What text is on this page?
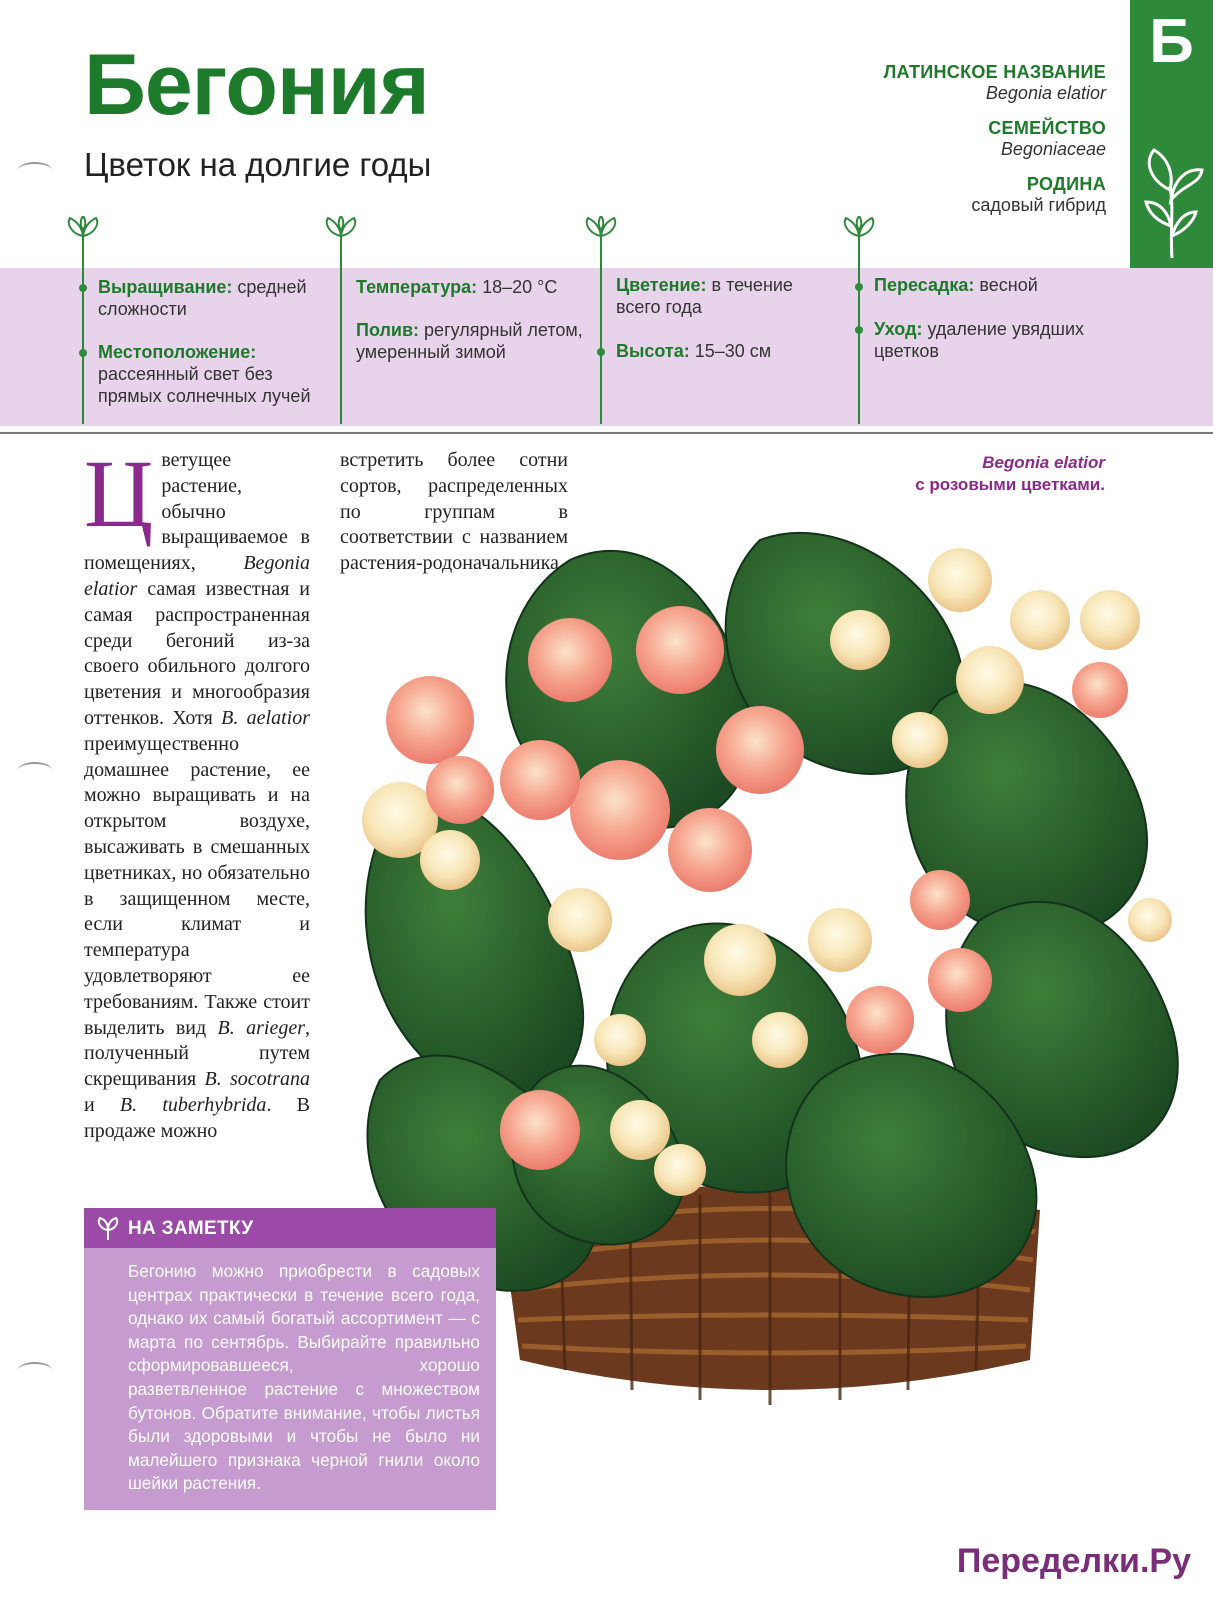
Б
Бегония
Цветок на долгие годы
ЛАТИНСКОЕ НАЗВАНИЕ
Begonia elatior
СЕМЕЙСТВО
Begoniaceae
РОДИНА
садовый гибрид
Выращивание: средней сложности
Местоположение: рассеянный свет без прямых солнечных лучей
Температура: 18–20 °С
Полив: регулярный летом, умеренный зимой
Цветение: в течение всего года
Высота: 15–30 см
Пересадка: весной
Уход: удаление увядших цветков
Цветущее растение, обычно выращиваемое в помещениях, Begonia elatior самая известная и самая распространенная среди бегоний из-за своего обильного долгого цветения и многообразия оттенков. Хотя B. aelatior преимущественно домашнее растение, ее можно выращивать и на открытом воздухе, высаживать в смешанных цветниках, но обязательно в защищенном месте, если климат и температура удовлетворяют ее требованиям. Также стоит выделить вид B. arieger, полученный путем скрещивания B. socotrana и B. tuberhybrida. В продаже можно
встретить более сотни сортов, распределенных по группам в соответствии с названием растения-родоначальника.
Begonia elatior
с розовыми цветками.
НА ЗАМЕТКУ
Бегонию можно приобрести в садовых центрах практически в течение всего года, однако их самый богатый ассортимент — с марта по сентябрь. Выбирайте правильно сформировавшееся, хорошо разветвленное растение с множеством бутонов. Обратите внимание, чтобы листья были здоровыми и чтобы не было ни малейшего признака черной гнили около шейки растения.
Переделки.Ру
